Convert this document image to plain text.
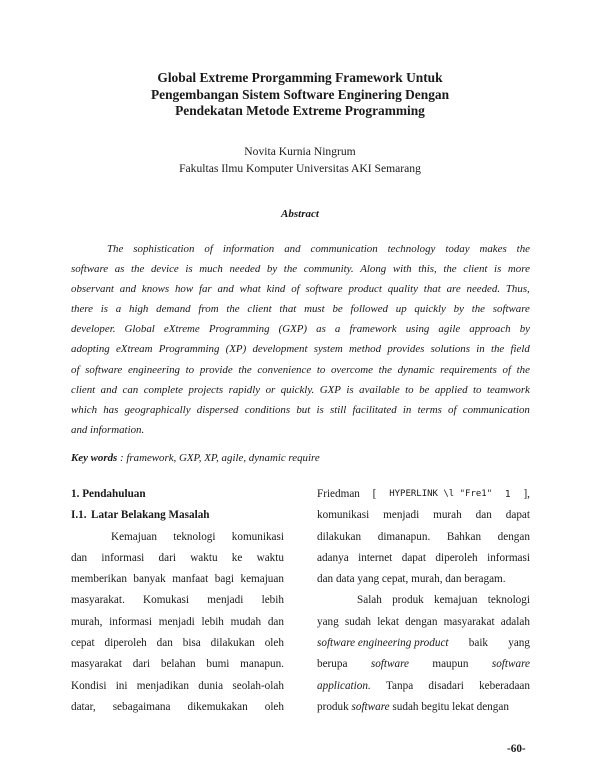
Global Extreme Prorgamming Framework Untuk
Pengembangan Sistem Software Enginering Dengan
Pendekatan Metode Extreme Programming
Novita Kurnia Ningrum
Fakultas Ilmu Komputer Universitas AKI Semarang
Abstract
The sophistication of information and communication technology today makes the
software as the device is much needed by the community. Along with this, the client is more
observant and knows how far and what kind of software product quality that are needed. Thus,
there is a high demand from the client that must be followed up quickly by the software
developer. Global eXtreme Programming (GXP) as a framework using agile approach by
adopting eXtream Programming (XP) development system method provides solutions in the field
of software engineering to provide the convenience to overcome the dynamic requirements of the
client and can complete projects rapidly or quickly. GXP is available to be applied to teamwork
which has geographically dispersed conditions but is still facilitated in terms of communication
and information.
Key words : framework, GXP, XP, agile, dynamic require
1. Pendahuluan
I.1. Latar Belakang Masalah
Kemajuan teknologi komunikasi
dan informasi dari waktu ke waktu
memberikan banyak manfaat bagi kemajuan
masyarakat. Komukasi menjadi lebih
murah, informasi menjadi lebih mudah dan
cepat diperoleh dan bisa dilakukan oleh
masyarakat dari belahan bumi manapun.
Kondisi ini menjadikan dunia seolah-olah
datar, sebagaimana dikemukakan oleh
Friedman [ HYPERLINK \l "Fre1" 1 ],
komunikasi menjadi murah dan dapat
dilakukan dimanapun. Bahkan dengan
adanya internet dapat diperoleh informasi
dan data yang cepat, murah, dan beragam.
Salah produk kemajuan teknologi
yang sudah lekat dengan masyarakat adalah
software engineering product baik yang
berupa software maupun software
application. Tanpa disadari keberadaan
produk software sudah begitu lekat dengan
-60-
